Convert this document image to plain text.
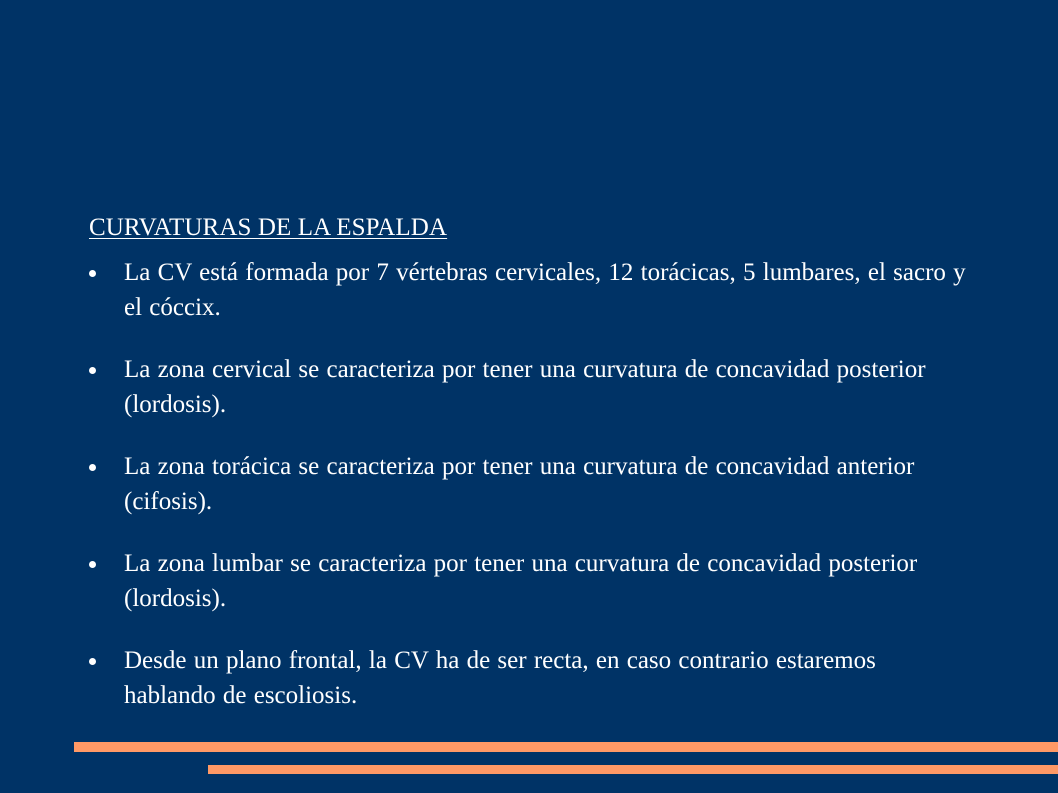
CURVATURAS DE LA ESPALDA
La CV está formada por 7 vértebras cervicales, 12 torácicas, 5 lumbares, el sacro y el cóccix.
La zona cervical se caracteriza por tener una curvatura de concavidad posterior (lordosis).
La zona torácica se caracteriza por tener una curvatura de concavidad anterior (cifosis).
La zona lumbar se caracteriza por tener una curvatura de concavidad posterior (lordosis).
Desde un plano frontal, la CV ha de ser recta, en caso contrario estaremos hablando de escoliosis.
